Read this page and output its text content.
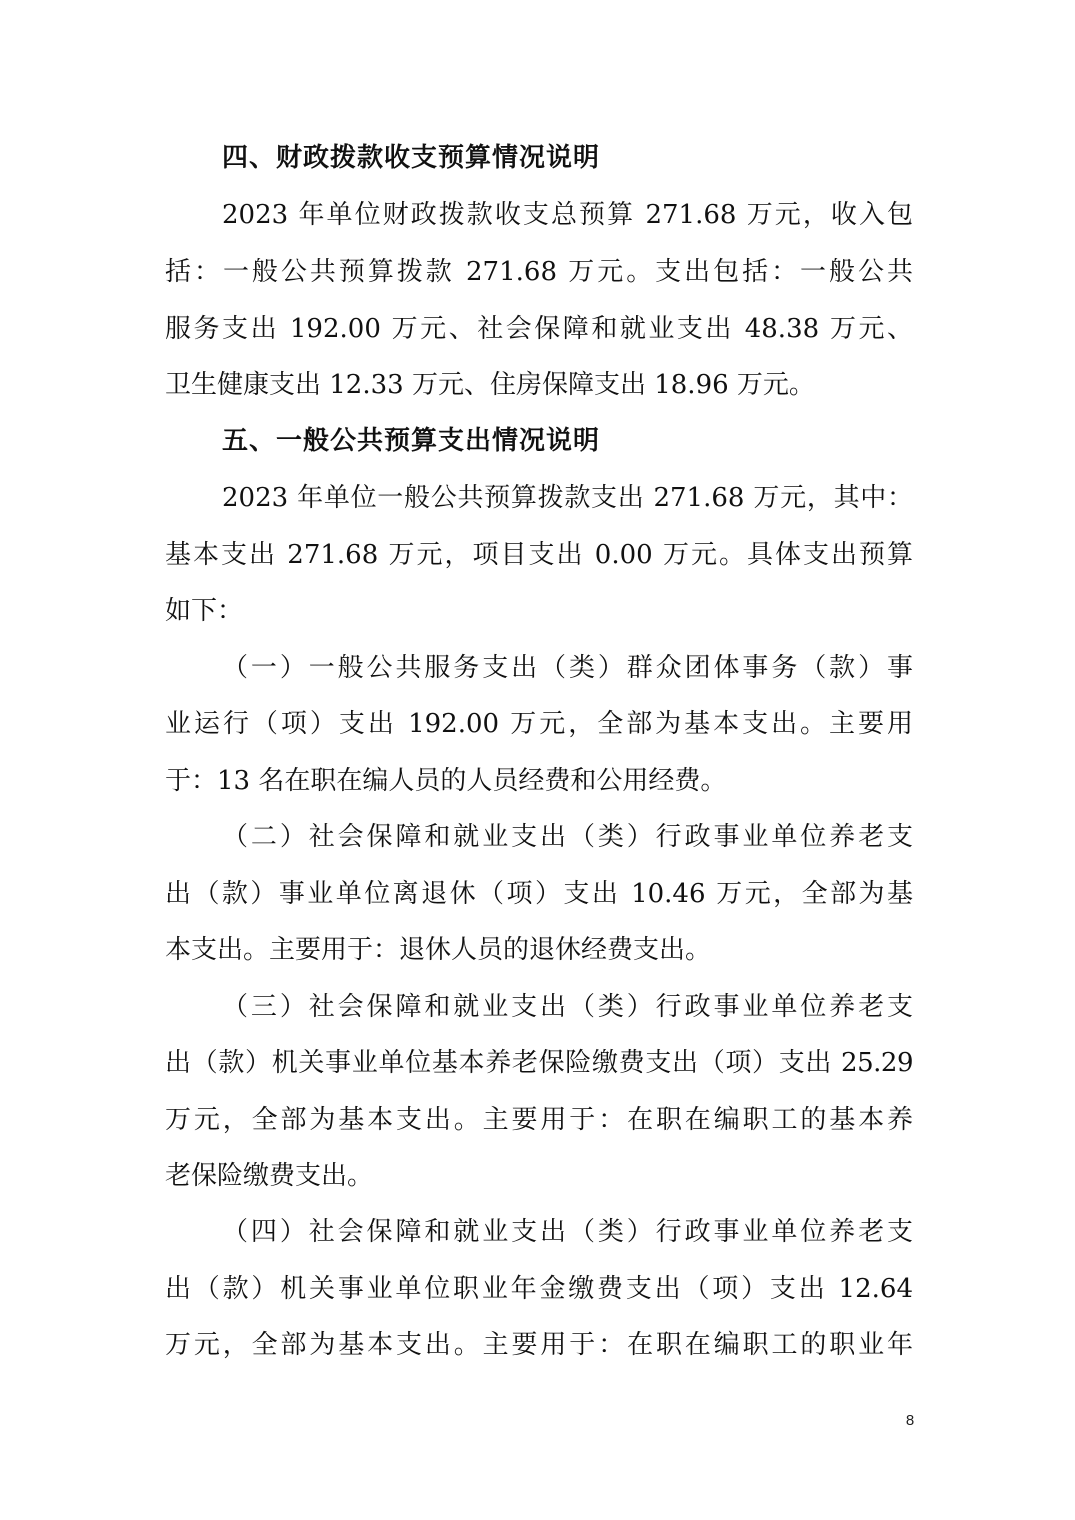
四、财政拨款收支预算情况说明
2023 年单位财政拨款收支总预算 271.68 万元，收入包
括：一般公共预算拨款 271.68 万元。支出包括：一般公共
服务支出 192.00 万元、社会保障和就业支出 48.38 万元、
卫生健康支出 12.33 万元、住房保障支出 18.96 万元。
五、一般公共预算支出情况说明
2023 年单位一般公共预算拨款支出 271.68 万元，其中：
基本支出 271.68 万元，项目支出 0.00 万元。具体支出预算
如下：
（一）一般公共服务支出（类）群众团体事务（款）事
业运行（项）支出 192.00 万元，全部为基本支出。主要用
于：13 名在职在编人员的人员经费和公用经费。
（二）社会保障和就业支出（类）行政事业单位养老支
出（款）事业单位离退休（项）支出 10.46 万元，全部为基
本支出。主要用于：退休人员的退休经费支出。
（三）社会保障和就业支出（类）行政事业单位养老支
出（款）机关事业单位基本养老保险缴费支出（项）支出 25.29
万元，全部为基本支出。主要用于：在职在编职工的基本养
老保险缴费支出。
（四）社会保障和就业支出（类）行政事业单位养老支
出（款）机关事业单位职业年金缴费支出（项）支出 12.64
万元，全部为基本支出。主要用于：在职在编职工的职业年
8
